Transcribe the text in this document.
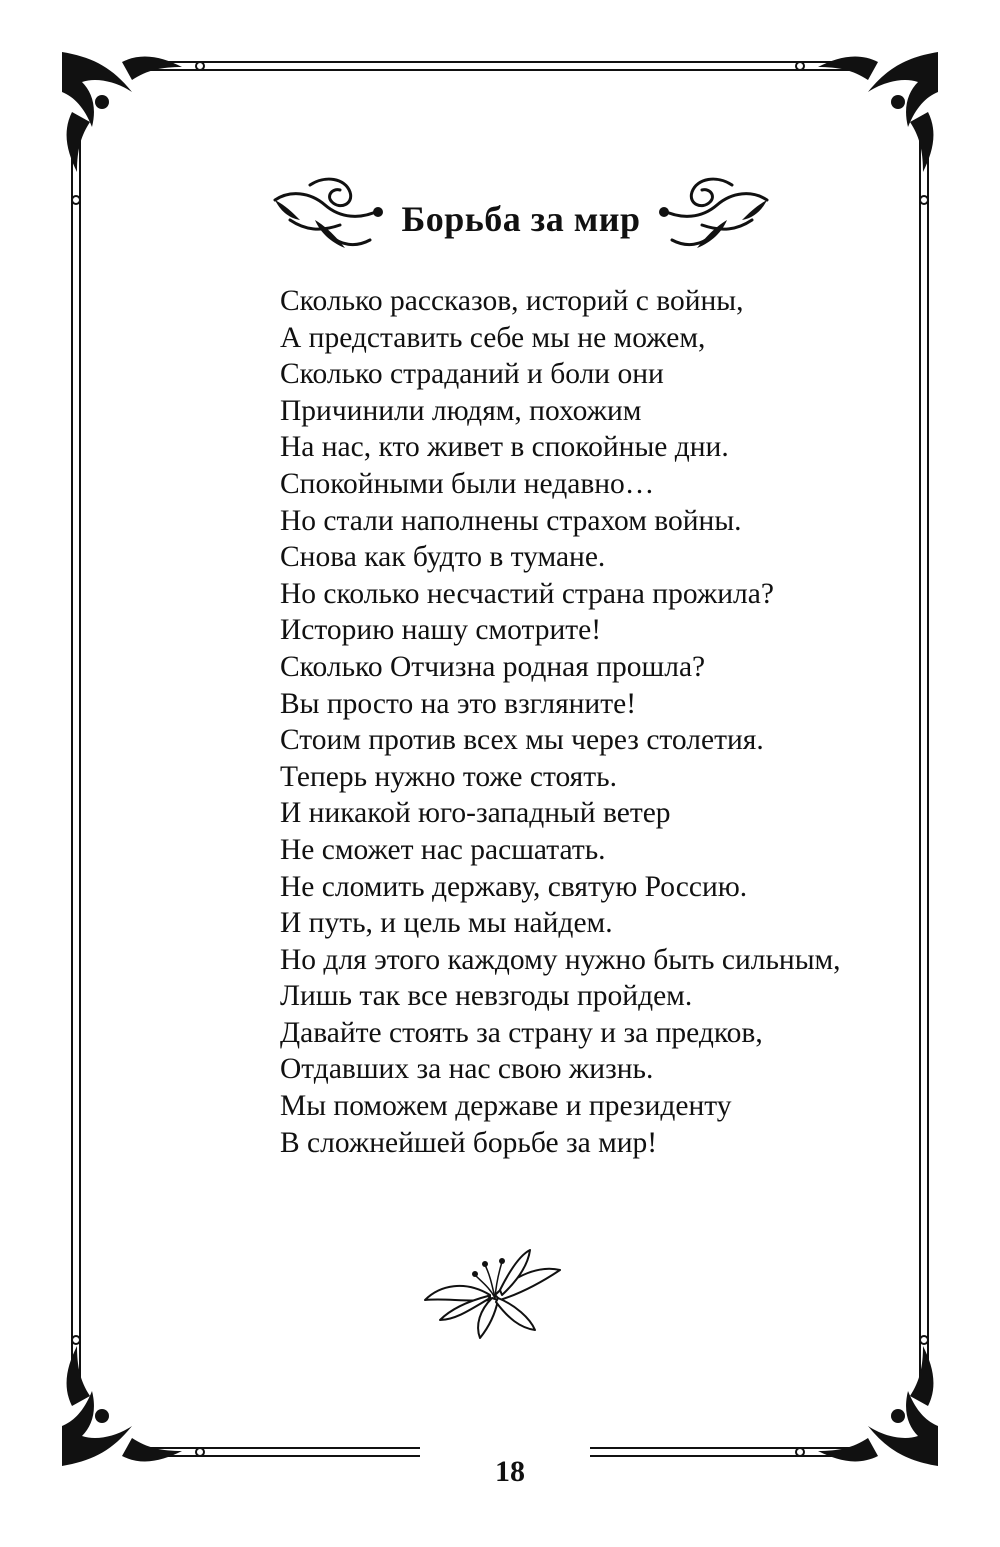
Борьба за мир
Сколько рассказов, историй с войны,
А представить себе мы не можем,
Сколько страданий и боли они
Причинили людям, похожим
На нас, кто живет в спокойные дни.
Спокойными были недавно…
Но стали наполнены страхом войны.
Снова как будто в тумане.
Но сколько несчастий страна прожила?
Историю нашу смотрите!
Сколько Отчизна родная прошла?
Вы просто на это взгляните!
Стоим против всех мы через столетия.
Теперь нужно тоже стоять.
И никакой юго-западный ветер
Не сможет нас расшатать.
Не сломить державу, святую Россию.
И путь, и цель мы найдем.
Но для этого каждому нужно быть сильным,
Лишь так все невзгоды пройдем.
Давайте стоять за страну и за предков,
Отдавших за нас свою жизнь.
Мы поможем державе и президенту
В сложнейшей борьбе за мир!
18
